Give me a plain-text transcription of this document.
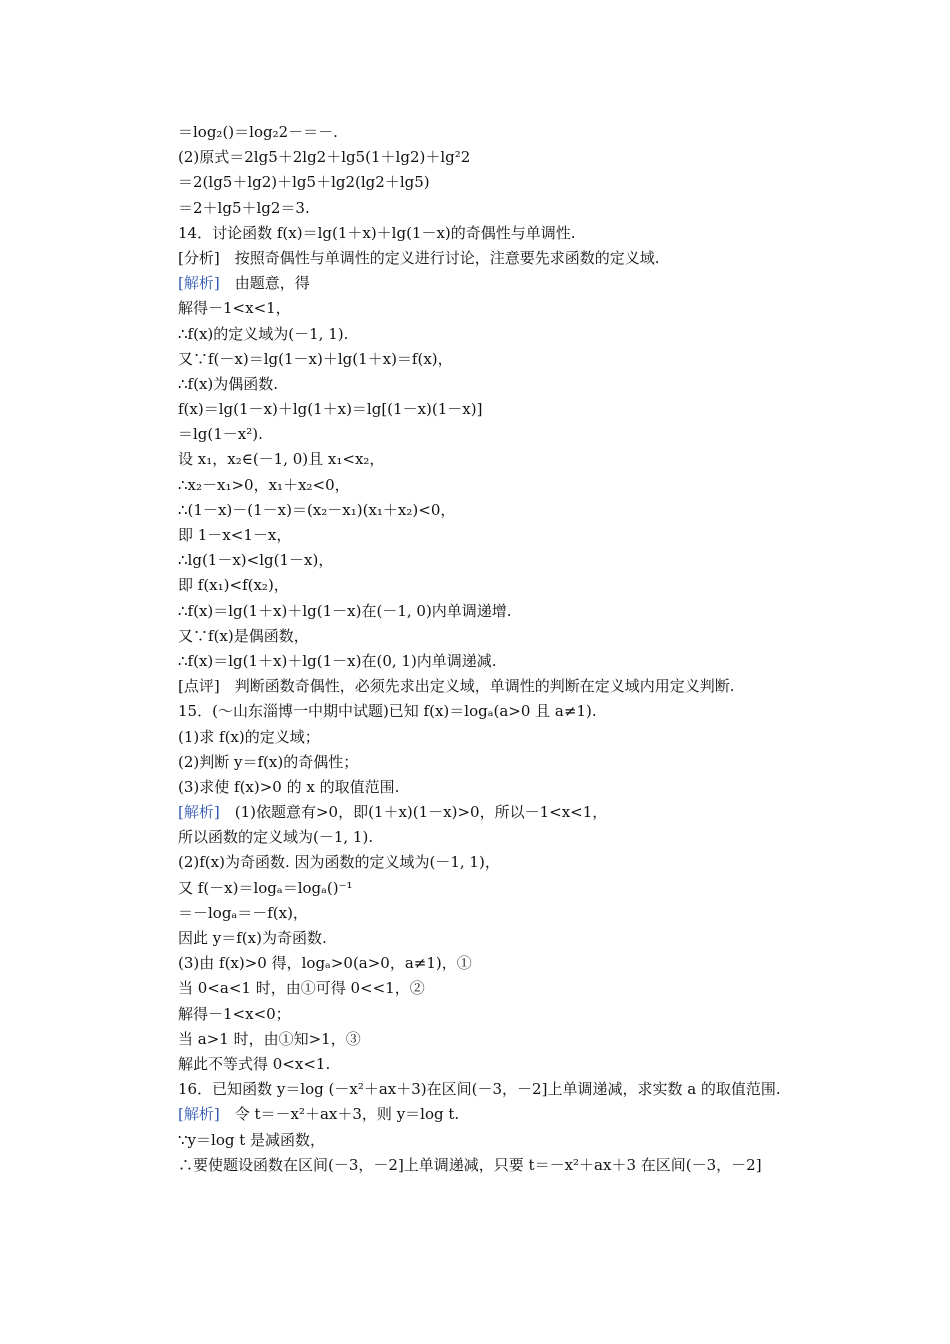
＝log₂()＝log₂2－＝－.
(2)原式＝2lg5＋2lg2＋lg5(1＋lg2)＋lg²2
＝2(lg5＋lg2)＋lg5＋lg2(lg2＋lg5)
＝2＋lg5＋lg2＝3.
14．讨论函数 f(x)＝lg(1＋x)＋lg(1－x)的奇偶性与单调性.
[分析]　按照奇偶性与单调性的定义进行讨论，注意要先求函数的定义域.
[解析]　由题意，得
解得－1<x<1，
∴f(x)的定义域为(－1, 1).
又∵f(－x)＝lg(1－x)＋lg(1＋x)＝f(x)，
∴f(x)为偶函数.
f(x)＝lg(1－x)＋lg(1＋x)＝lg[(1－x)(1－x)]
＝lg(1－x²).
设 x₁，x₂∈(－1, 0)且 x₁<x₂，
∴x₂－x₁>0，x₁＋x₂<0，
∴(1－x)－(1－x)＝(x₂－x₁)(x₁＋x₂)<0，
即 1－x<1－x，
∴lg(1－x)<lg(1－x)，
即 f(x₁)<f(x₂)，
∴f(x)＝lg(1＋x)＋lg(1－x)在(－1, 0)内单调递增.
又∵f(x)是偶函数，
∴f(x)＝lg(1＋x)＋lg(1－x)在(0, 1)内单调递减.
[点评]　判断函数奇偶性，必须先求出定义域，单调性的判断在定义域内用定义判断.
15．(～山东淄博一中期中试题)已知 f(x)＝logₐ(a>0 且 a≠1).
(1)求 f(x)的定义域；
(2)判断 y＝f(x)的奇偶性；
(3)求使 f(x)>0 的 x 的取值范围.
[解析]　(1)依题意有>0，即(1＋x)(1－x)>0，所以－1<x<1，
所以函数的定义域为(－1, 1).
(2)f(x)为奇函数. 因为函数的定义域为(－1, 1)，
又 f(－x)＝logₐ＝logₐ()⁻¹
＝－logₐ＝－f(x)，
因此 y＝f(x)为奇函数.
(3)由 f(x)>0 得，logₐ>0(a>0，a≠1)，①
当 0<a<1 时，由①可得 0<<1，②
解得－1<x<0；
当 a>1 时，由①知>1，③
解此不等式得 0<x<1.
16．已知函数 y＝log (－x²＋ax＋3)在区间(－3，－2]上单调递减，求实数 a 的取值范围.
[解析]　令 t＝－x²＋ax＋3，则 y＝log t.
∵y＝log t 是减函数，
∴要使题设函数在区间(－3，－2]上单调递减，只要 t＝－x²＋ax＋3 在区间(－3，－2]
